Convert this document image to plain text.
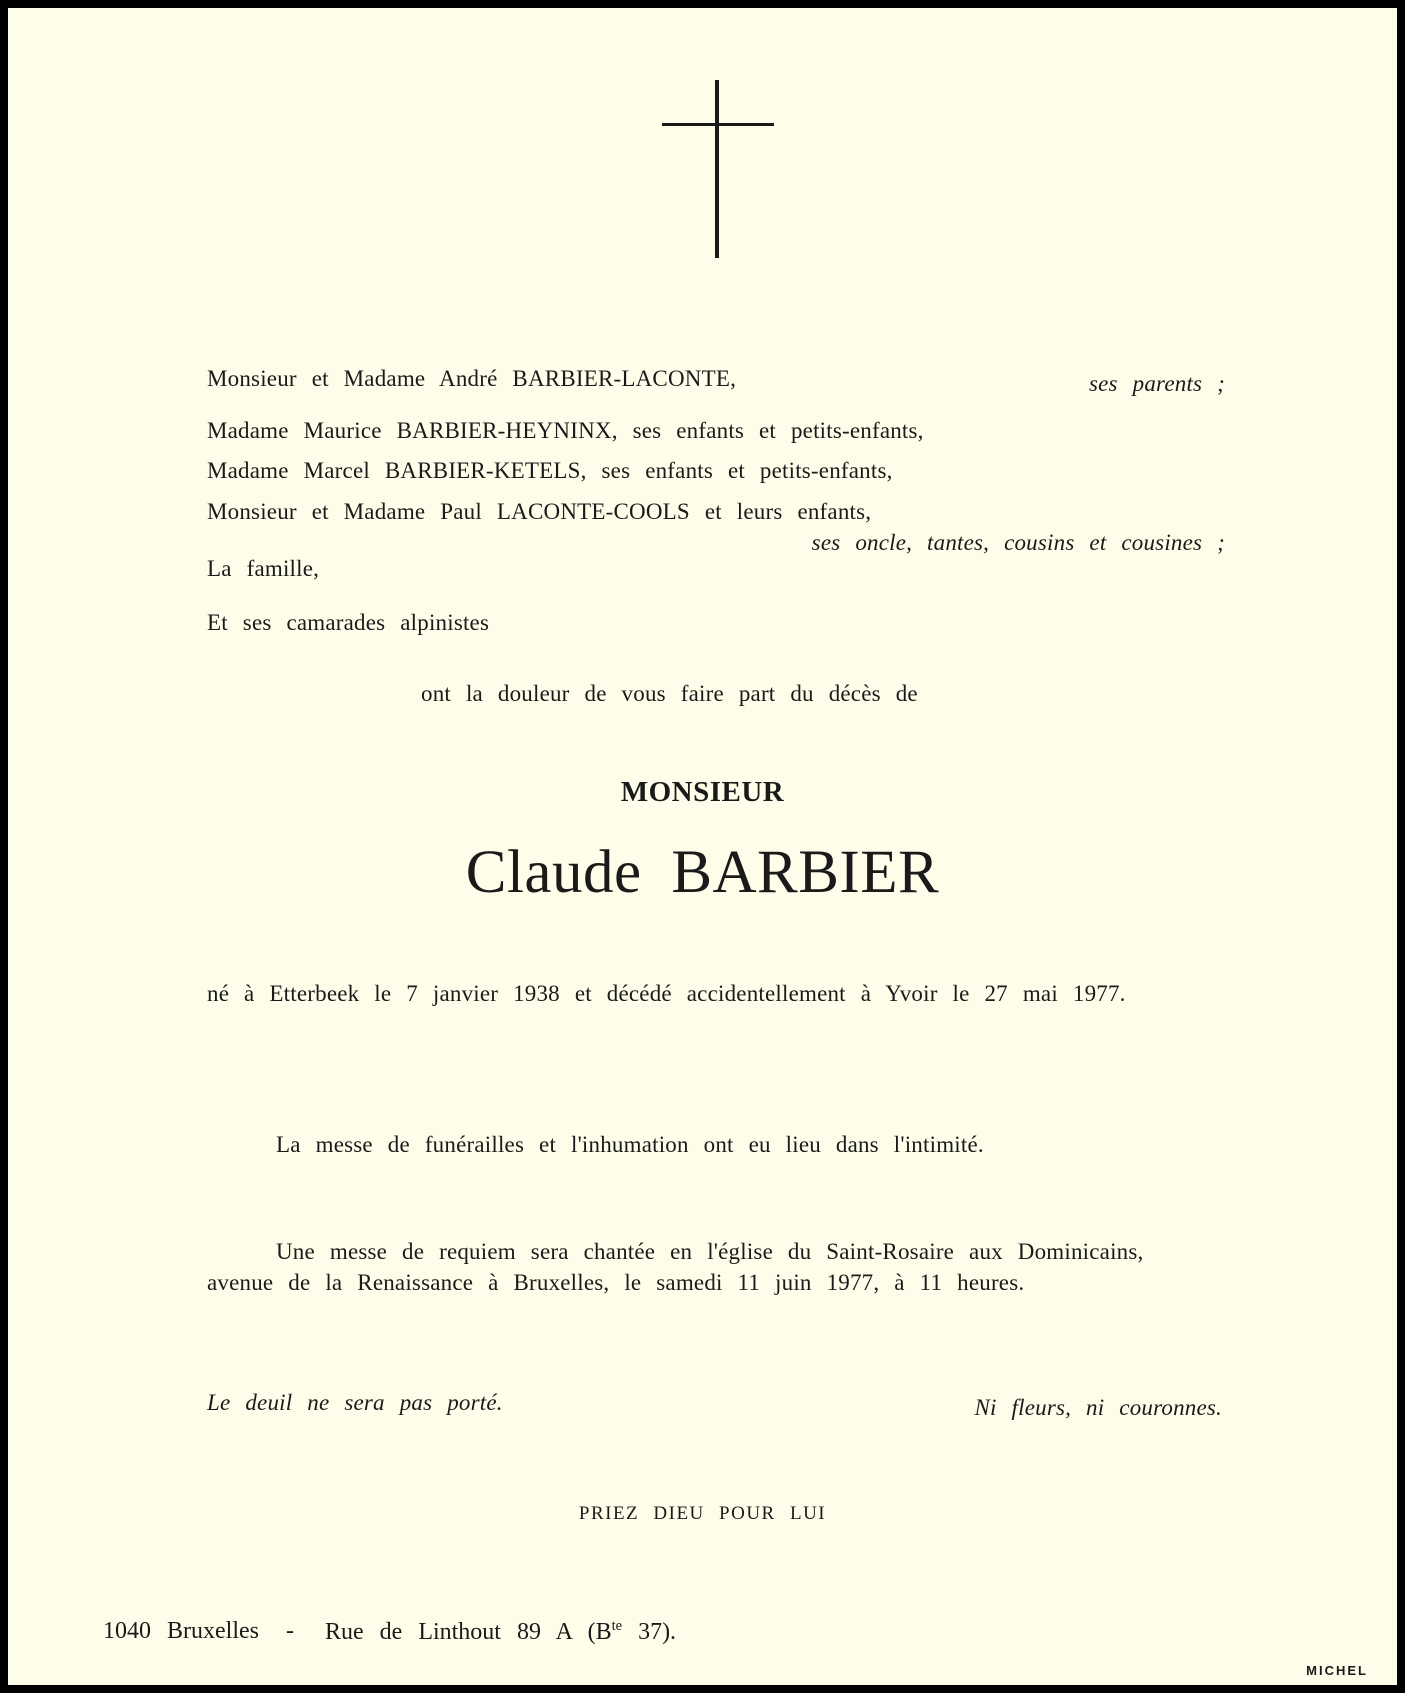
Monsieur et Madame André BARBIER-LACONTE,	ses parents ;
Madame Maurice BARBIER-HEYNINX, ses enfants et petits-enfants,
Madame Marcel BARBIER-KETELS, ses enfants et petits-enfants,
Monsieur et Madame Paul LACONTE-COOLS et leurs enfants,
ses oncle, tantes, cousins et cousines ;
La famille,
Et ses camarades alpinistes
ont la douleur de vous faire part du décès de
MONSIEUR
Claude BARBIER
né à Etterbeek le 7 janvier 1938 et décédé accidentellement à Yvoir le 27 mai 1977.
La messe de funérailles et l'inhumation ont eu lieu dans l'intimité.
Une messe de requiem sera chantée en l'église du Saint-Rosaire aux Dominicains,
avenue de la Renaissance à Bruxelles, le samedi 11 juin 1977, à 11 heures.
Le deuil ne sera pas porté.	Ni fleurs, ni couronnes.
PRIEZ DIEU POUR LUI
1040 Bruxelles - Rue de Linthout 89 A ($B^{te}$ 37).
MICHEL
